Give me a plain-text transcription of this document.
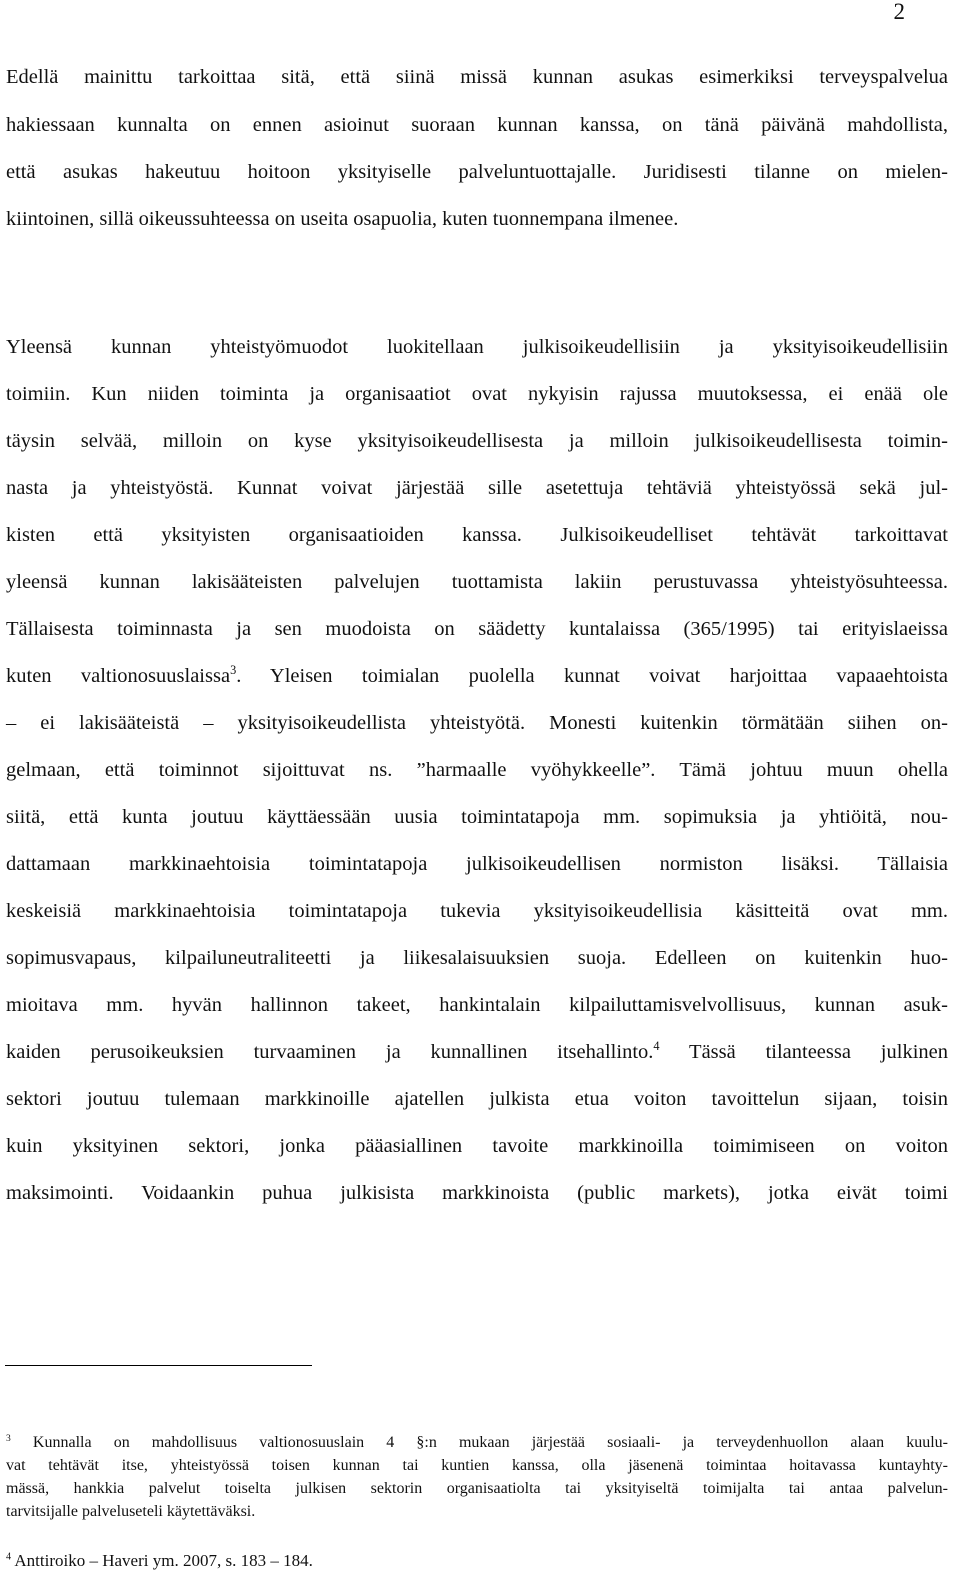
2
Edellä mainittu tarkoittaa sitä, että siinä missä kunnan asukas esimerkiksi terveyspalvelua
hakiessaan kunnalta on ennen asioinut suoraan kunnan kanssa, on tänä päivänä mahdollista,
että asukas hakeutuu hoitoon yksityiselle palveluntuottajalle. Juridisesti tilanne on mielen-
kiintoinen, sillä oikeussuhteessa on useita osapuolia, kuten tuonnempana ilmenee.
Yleensä kunnan yhteistyömuodot luokitellaan julkisoikeudellisiin ja yksityisoikeudellisiin
toimiin. Kun niiden toiminta ja organisaatiot ovat nykyisin rajussa muutoksessa, ei enää ole
täysin selvää, milloin on kyse yksityisoikeudellisesta ja milloin julkisoikeudellisesta toimin-
nasta ja yhteistyöstä. Kunnat voivat järjestää sille asetettuja tehtäviä yhteistyössä sekä jul-
kisten että yksityisten organisaatioiden kanssa. Julkisoikeudelliset tehtävät tarkoittavat
yleensä kunnan lakisääteisten palvelujen tuottamista lakiin perustuvassa yhteistyösuhteessa.
Tällaisesta toiminnasta ja sen muodoista on säädetty kuntalaissa (365/1995) tai erityislaeissa
kuten valtionosuuslaissa$^3$. Yleisen toimialan puolella kunnat voivat harjoittaa vapaaehtoista
– ei lakisääteistä – yksityisoikeudellista yhteistyötä. Monesti kuitenkin törmätään siihen on-
gelmaan, että toiminnot sijoittuvat ns. ”harmaalle vyöhykkeelle”. Tämä johtuu muun ohella
siitä, että kunta joutuu käyttäessään uusia toimintatapoja mm. sopimuksia ja yhtiöitä, nou-
dattamaan markkinaehtoisia toimintatapoja julkisoikeudellisen normiston lisäksi. Tällaisia
keskeisiä markkinaehtoisia toimintatapoja tukevia yksityisoikeudellisia käsitteitä ovat mm.
sopimusvapaus, kilpailuneutraliteetti ja liikesalaisuuksien suoja. Edelleen on kuitenkin huo-
mioitava mm. hyvän hallinnon takeet, hankintalain kilpailuttamisvelvollisuus, kunnan asuk-
kaiden perusoikeuksien turvaaminen ja kunnallinen itsehallinto.$^4$ Tässä tilanteessa julkinen
sektori joutuu tulemaan markkinoille ajatellen julkista etua voiton tavoittelun sijaan, toisin
kuin yksityinen sektori, jonka pääasiallinen tavoite markkinoilla toimimiseen on voiton
maksimointi. Voidaankin puhua julkisista markkinoista (public markets), jotka eivät toimi
$^3$ Kunnalla on mahdollisuus valtionosuuslain 4 §:n mukaan järjestää sosiaali- ja terveydenhuollon alaan kuulu-
vat tehtävät itse, yhteistyössä toisen kunnan tai kuntien kanssa, olla jäsenenä toimintaa hoitavassa kuntayhty-
mässä, hankkia palvelut toiselta julkisen sektorin organisaatiolta tai yksityiseltä toimijalta tai antaa palvelun-
tarvitsijalle palveluseteli käytettäväksi.
$^4$ Anttiroiko – Haveri ym. 2007, s. 183 – 184.
